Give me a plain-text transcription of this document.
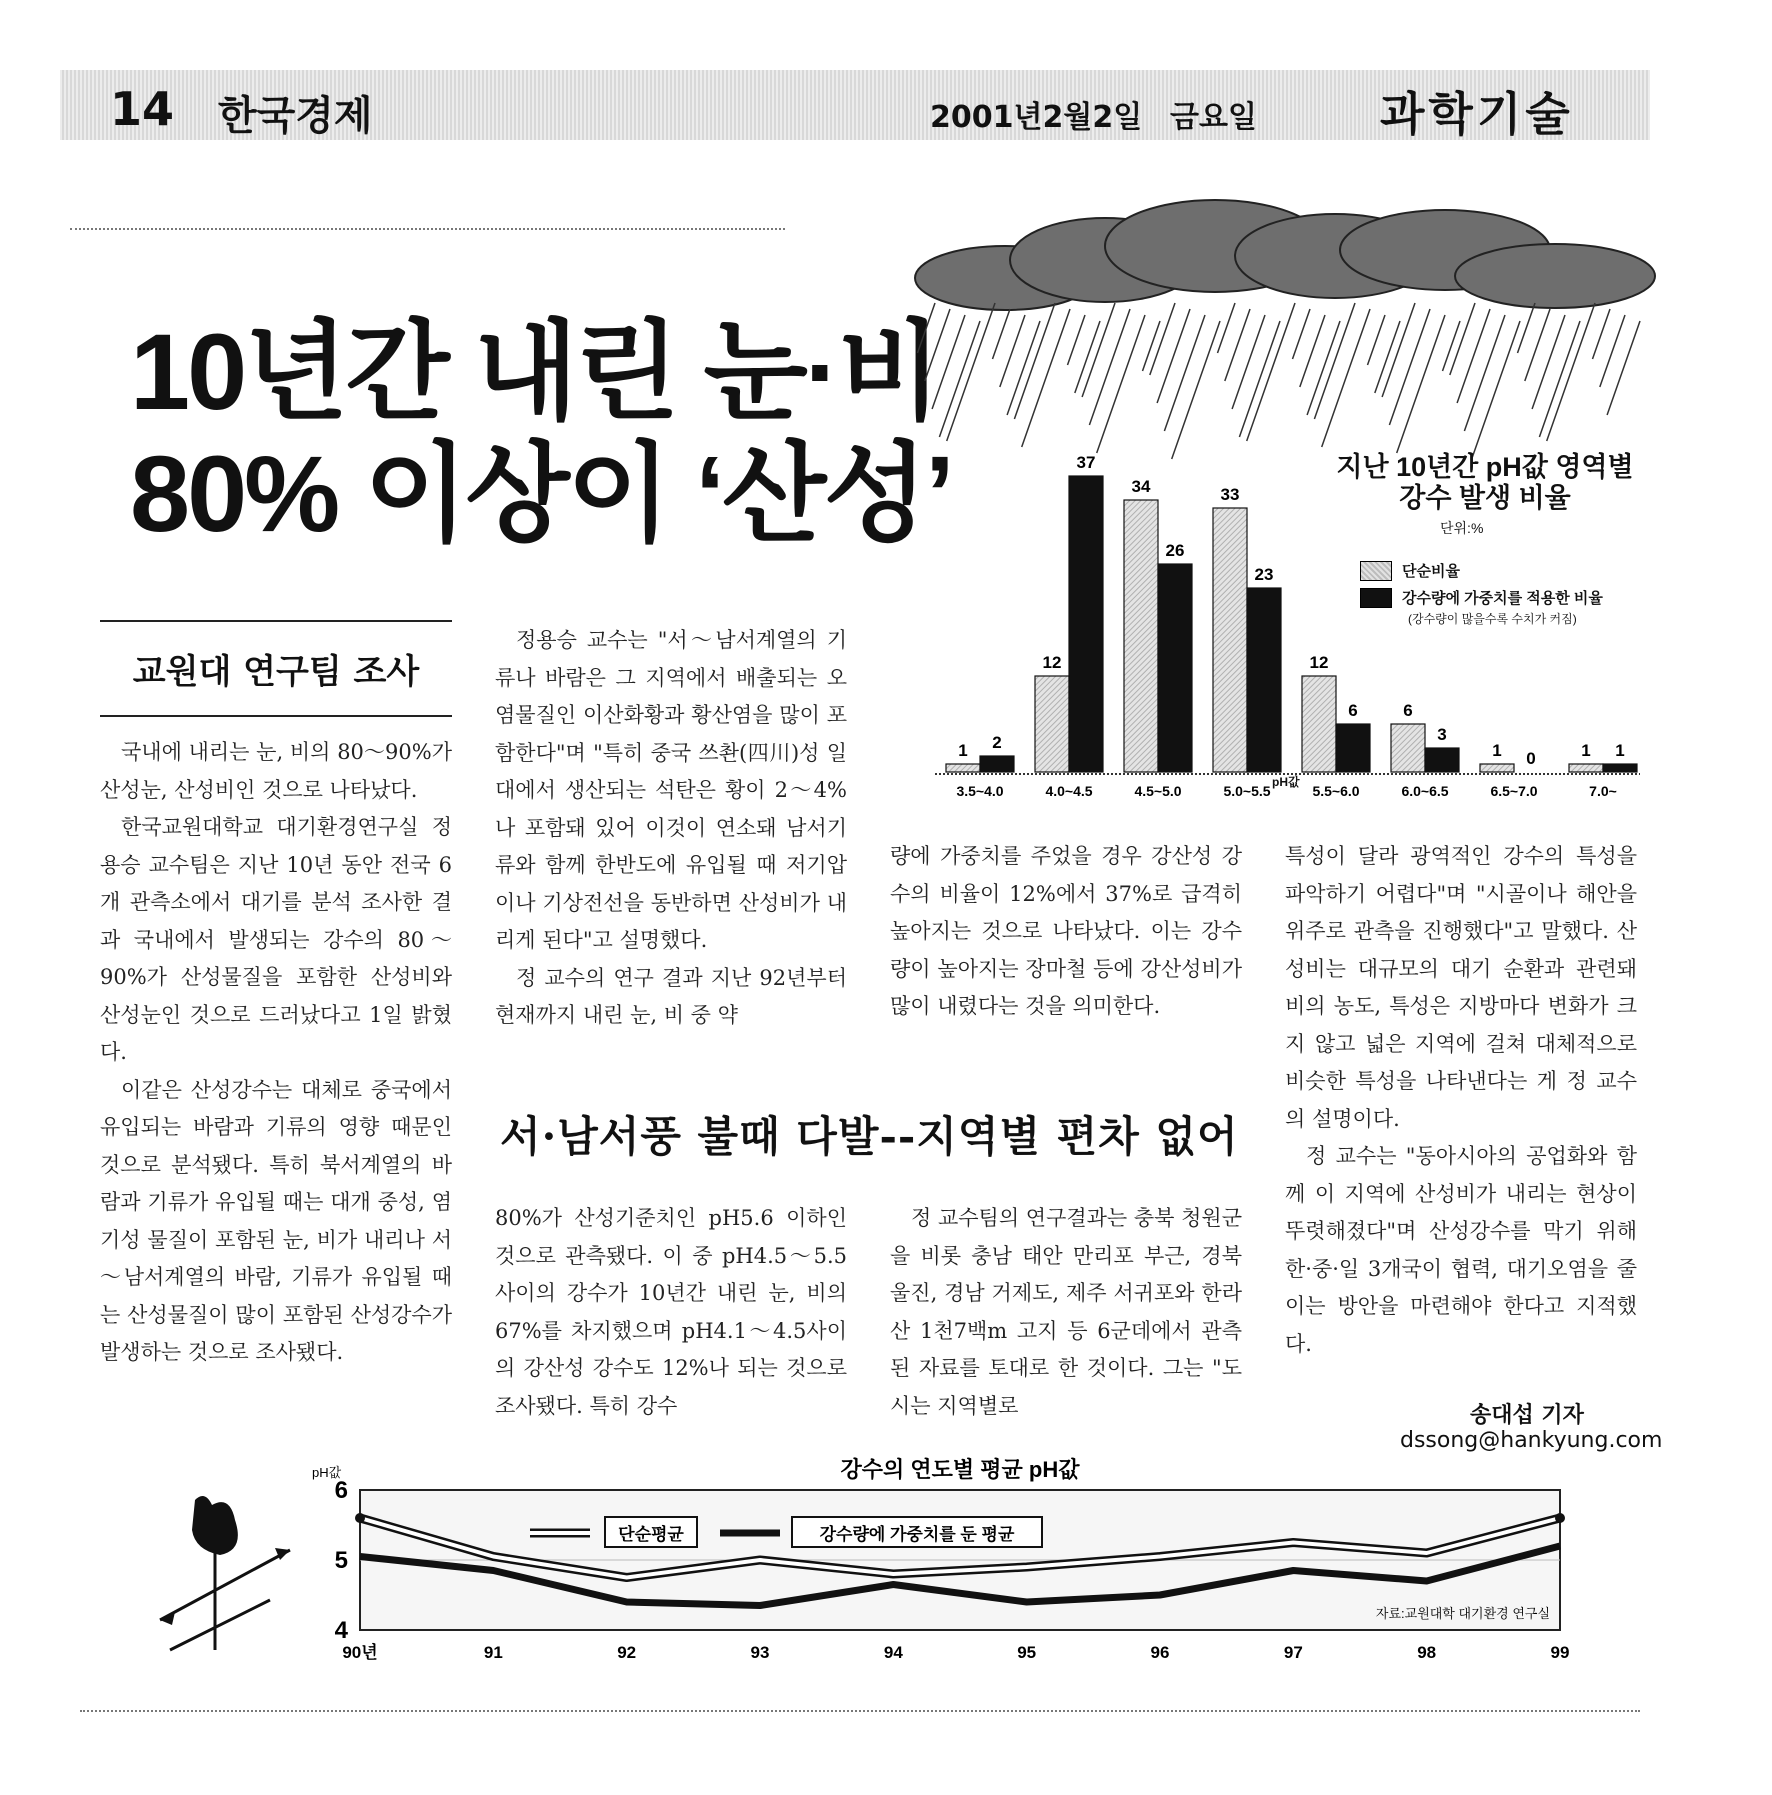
14 한국경제	2001년2월2일 금요일	과학기술
10년간 내린 눈·비
80% 이상이 ‘산성’
교원대 연구팀 조사

국내에 내리는 눈, 비의 80～90%가 산성눈, 산성비인 것으로 나타났다.

한국교원대학교 대기환경연구실 정용승 교수팀은 지난 10년 동안 전국 6개 관측소에서 대기를 분석 조사한 결과 국내에서 발생되는 강수의 80～90%가 산성물질을 포함한 산성비와 산성눈인 것으로 드러났다고 1일 밝혔다.

이같은 산성강수는 대체로 중국에서 유입되는 바람과 기류의 영향 때문인 것으로 분석됐다. 특히 북서계열의 바람과 기류가 유입될 때는 대개 중성, 염기성 물질이 포함된 눈, 비가 내리나 서～남서계열의 바람, 기류가 유입될 때는 산성물질이 많이 포함된 산성강수가 발생하는 것으로 조사됐다.

정용승 교수는 "서～남서계열의 기류나 바람은 그 지역에서 배출되는 오염물질인 이산화황과 황산염을 많이 포함한다"며 "특히 중국 쓰촨(四川)성 일대에서 생산되는 석탄은 황이 2～4%나 포함돼 있어 이것이 연소돼 남서기류와 함께 한반도에 유입될 때 저기압이나 기상전선을 동반하면 산성비가 내리게 된다"고 설명했다.

정 교수의 연구 결과 지난 92년부터 현재까지 내린 눈, 비 중 약

량에 가중치를 주었을 경우 강산성 강수의 비율이 12%에서 37%로 급격히 높아지는 것으로 나타났다. 이는 강수량이 높아지는 장마철 등에 강산성비가 많이 내렸다는 것을 의미한다.

특성이 달라 광역적인 강수의 특성을 파악하기 어렵다"며 "시골이나 해안을 위주로 관측을 진행했다"고 말했다. 산성비는 대규모의 대기 순환과 관련돼 비의 농도, 특성은 지방마다 변화가 크지 않고 넓은 지역에 걸쳐 대체적으로 비슷한 특성을 나타낸다는 게 정 교수의 설명이다.

정 교수는 "동아시아의 공업화와 함께 이 지역에 산성비가 내리는 현상이 뚜렷해졌다"며 산성강수를 막기 위해 한·중·일 3개국이 협력, 대기오염을 줄이는 방안을 마련해야 한다고 지적했다.

서·남서풍 불때 다발--지역별 편차 없어

80%가 산성기준치인 pH5.6 이하인 것으로 관측됐다. 이 중 pH4.5～5.5사이의 강수가 10년간 내린 눈, 비의 67%를 차지했으며 pH4.1～4.5사이의 강산성 강수도 12%나 되는 것으로 조사됐다. 특히 강수

정 교수팀의 연구결과는 충북 청원군을 비롯 충남 태안 만리포 부근, 경북 울진, 경남 거제도, 제주 서귀포와 한라산 1천7백m 고지 등 6군데에서 관측된 자료를 토대로 한 것이다. 그는 "도시는 지역별로	송대섭 기자
dssong@hankyung.com
1 2
3.5~4.0
12
37
4.0~4.5
34
26
4.5~5.0
33
23
5.0~5.5
12
6
5.5~6.0
6
3
6.0~6.5
1 0
6.5~7.0
1 1
7.0~
지난 10년간 pH값 영역별 강수 발생 비율
단위:%
단순비율
강수량에 가중치를 적용한 비율
(강수량이 많을수록 수치가 커짐)
pH값
강수의 연도별 평균 pH값
pH값
6
5
4
90년	91	92	93	94	95	96	97	98	99
자료:교원대학 대기환경 연구실
단순평균	강수량에 가중치를 둔 평균
